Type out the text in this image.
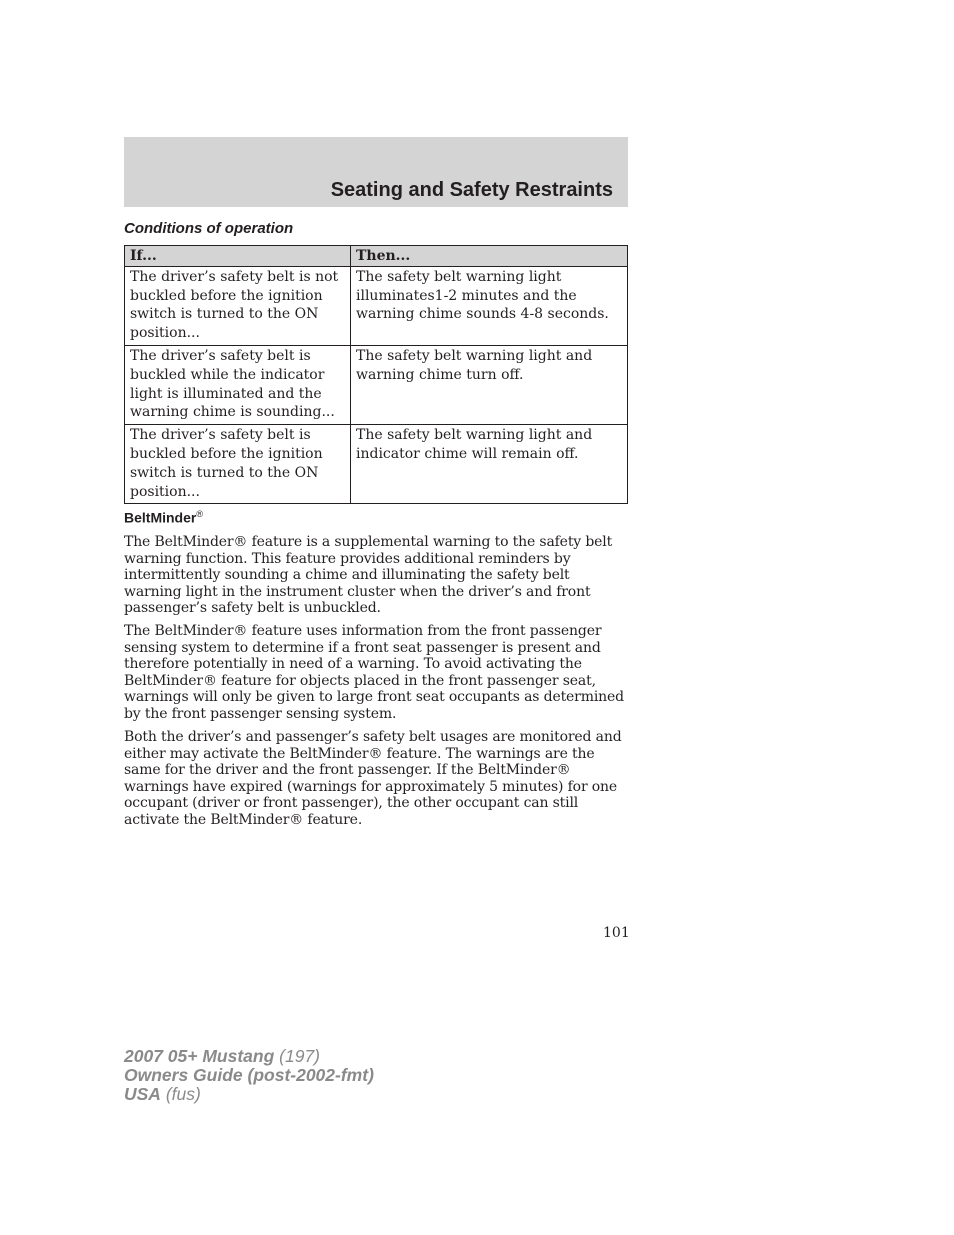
Seating and Safety Restraints
Conditions of operation
If...	Then...
The driver’s safety belt is not buckled before the ignition switch is turned to the ON position...	The safety belt warning light illuminates1-2 minutes and the warning chime sounds 4-8 seconds.
The driver’s safety belt is buckled while the indicator light is illuminated and the warning chime is sounding...	The safety belt warning light and warning chime turn off.
The driver’s safety belt is buckled before the ignition switch is turned to the ON position...	The safety belt warning light and indicator chime will remain off.
BeltMinder®

The BeltMinder® feature is a supplemental warning to the safety belt warning function. This feature provides additional reminders by intermittently sounding a chime and illuminating the safety belt warning light in the instrument cluster when the driver’s and front passenger’s safety belt is unbuckled.

The BeltMinder® feature uses information from the front passenger sensing system to determine if a front seat passenger is present and therefore potentially in need of a warning. To avoid activating the BeltMinder® feature for objects placed in the front passenger seat, warnings will only be given to large front seat occupants as determined by the front passenger sensing system.

Both the driver’s and passenger’s safety belt usages are monitored and either may activate the BeltMinder® feature. The warnings are the same for the driver and the front passenger. If the BeltMinder® warnings have expired (warnings for approximately 5 minutes) for one occupant (driver or front passenger), the other occupant can still activate the BeltMinder® feature.

101
2007 05+ Mustang (197)
Owners Guide (post-2002-fmt)
USA (fus)
